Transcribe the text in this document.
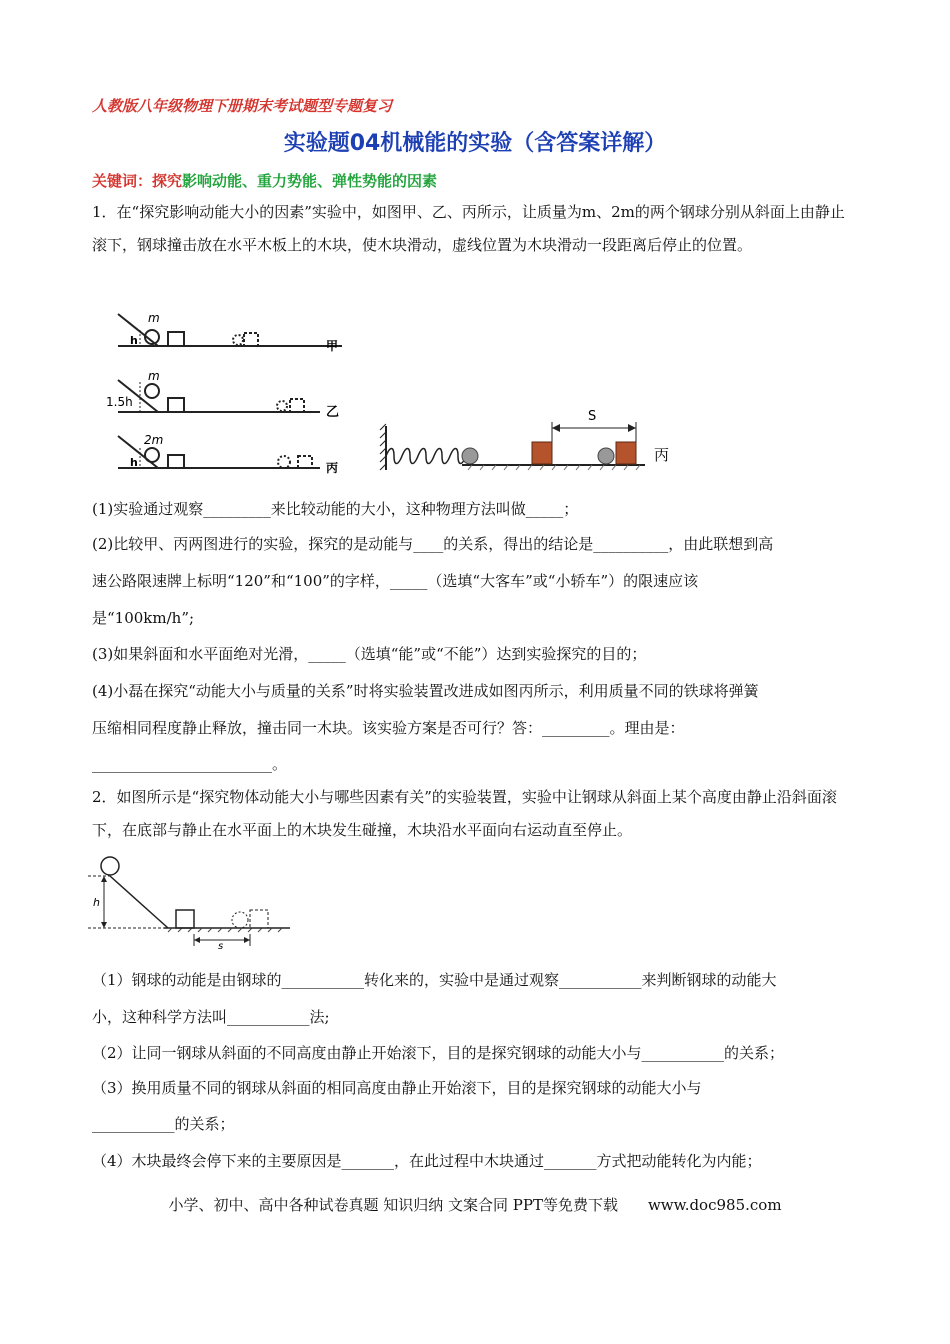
人教版八年级物理下册期末考试题型专题复习
实验题04机械能的实验（含答案详解）
关键词：探究影响动能、重力势能、弹性势能的因素
1．在“探究影响动能大小的因素”实验中，如图甲、乙、丙所示，让质量为m、2m的两个钢球分别从斜面上由静止滚下，钢球撞击放在水平木板上的木块，使木块滑动，虚线位置为木块滑动一段距离后停止的位置。
m
h	甲
m
1.5h
乙
2m
h	丙
S
丙
(1)实验通过观察_________来比较动能的大小，这种物理方法叫做_____；
(2)比较甲、丙两图进行的实验，探究的是动能与____的关系，得出的结论是__________，由此联想到高
速公路限速牌上标明“120”和“100”的字样，_____（选填“大客车”或“小轿车”）的限速应该
是“100km/h”;
(3)如果斜面和水平面绝对光滑，_____（选填“能”或“不能”）达到实验探究的目的；
(4)小磊在探究“动能大小与质量的关系”时将实验装置改进成如图丙所示，利用质量不同的铁球将弹簧
压缩相同程度静止释放，撞击同一木块。该实验方案是否可行？答：_________。理由是：
________________________。
2．如图所示是“探究物体动能大小与哪些因素有关”的实验装置，实验中让钢球从斜面上某个高度由静止沿斜面滚下，在底部与静止在水平面上的木块发生碰撞，木块沿水平面向右运动直至停止。
h
s
（1）钢球的动能是由钢球的___________转化来的，实验中是通过观察___________来判断钢球的动能大
小，这种科学方法叫___________法;
（2）让同一钢球从斜面的不同高度由静止开始滚下，目的是探究钢球的动能大小与___________的关系；
（3）换用质量不同的钢球从斜面的相同高度由静止开始滚下，目的是探究钢球的动能大小与
___________的关系；
（4）木块最终会停下来的主要原因是_______，在此过程中木块通过_______方式把动能转化为内能；
小学、初中、高中各种试卷真题 知识归纳 文案合同 PPT等免费下载　　www.doc985.com
